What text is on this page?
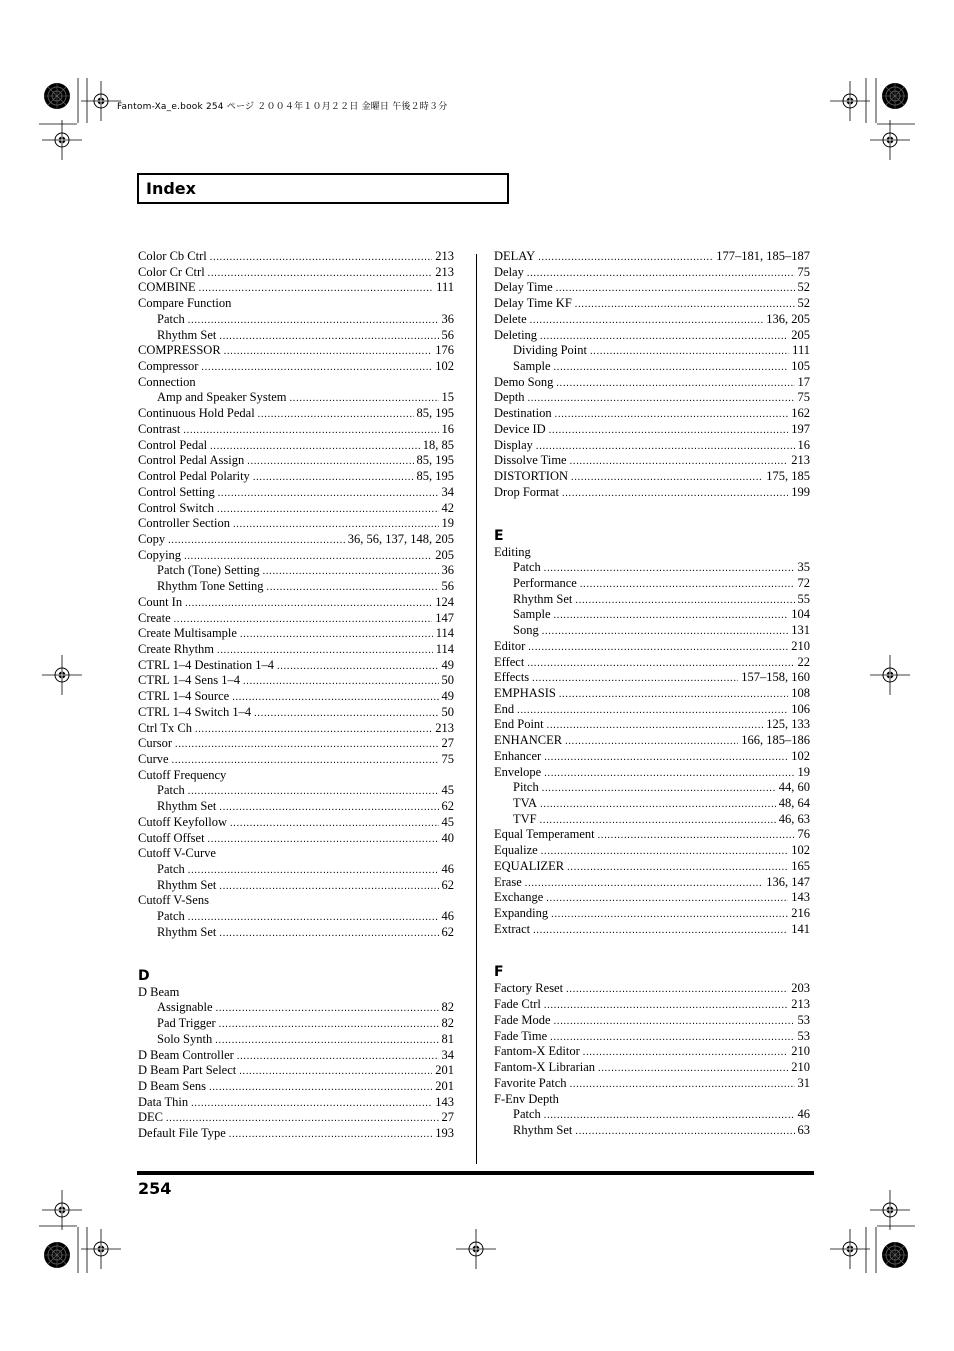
Fantom-Xa_e.book 254 ページ ２００４年１０月２２日 金曜日 午後２時３分
Index
Color Cb Ctrl .....	213
Color Cr Ctrl .....	213
COMBINE .....	111
Compare Function
Patch .....	36
Rhythm Set .....	56
COMPRESSOR .....	176
Compressor .....	102
Connection
Amp and Speaker System .....	15
Continuous Hold Pedal .....	85, 195
Contrast .....	16
Control Pedal .....	18, 85
Control Pedal Assign .....	85, 195
Control Pedal Polarity .....	85, 195
Control Setting .....	34
Control Switch .....	42
Controller Section .....	19
Copy .....	36, 56, 137, 148, 205
Copying .....	205
Patch (Tone) Setting .....	36
Rhythm Tone Setting .....	56
Count In .....	124
Create .....	147
Create Multisample .....	114
Create Rhythm .....	114
CTRL 1–4 Destination 1–4 .....	49
CTRL 1–4 Sens 1–4 .....	50
CTRL 1–4 Source .....	49
CTRL 1–4 Switch 1–4 .....	50
Ctrl Tx Ch .....	213
Cursor .....	27
Curve .....	75
Cutoff Frequency
Patch .....	45
Rhythm Set .....	62
Cutoff Keyfollow .....	45
Cutoff Offset .....	40
Cutoff V-Curve
Patch .....	46
Rhythm Set .....	62
Cutoff V-Sens
Patch .....	46
Rhythm Set .....	62
D
D Beam
Assignable .....	82
Pad Trigger .....	82
Solo Synth .....	81
D Beam Controller .....	34
D Beam Part Select .....	201
D Beam Sens .....	201
Data Thin .....	143
DEC .....	27
Default File Type .....	193
DELAY .....	177–181, 185–187
Delay .....	75
Delay Time .....	52
Delay Time KF .....	52
Delete .....	136, 205
Deleting .....	205
Dividing Point .....	111
Sample .....	105
Demo Song .....	17
Depth .....	75
Destination .....	162
Device ID .....	197
Display .....	16
Dissolve Time .....	213
DISTORTION .....	175, 185
Drop Format .....	199
E
Editing
Patch .....	35
Performance .....	72
Rhythm Set .....	55
Sample .....	104
Song .....	131
Editor .....	210
Effect .....	22
Effects .....	157–158, 160
EMPHASIS .....	108
End .....	106
End Point .....	125, 133
ENHANCER .....	166, 185–186
Enhancer .....	102
Envelope .....	19
Pitch .....	44, 60
TVA .....	48, 64
TVF .....	46, 63
Equal Temperament .....	76
Equalize .....	102
EQUALIZER .....	165
Erase .....	136, 147
Exchange .....	143
Expanding .....	216
Extract .....	141
F
Factory Reset .....	203
Fade Ctrl .....	213
Fade Mode .....	53
Fade Time .....	53
Fantom-X Editor .....	210
Fantom-X Librarian .....	210
Favorite Patch .....	31
F-Env Depth
Patch .....	46
Rhythm Set .....	63
254
